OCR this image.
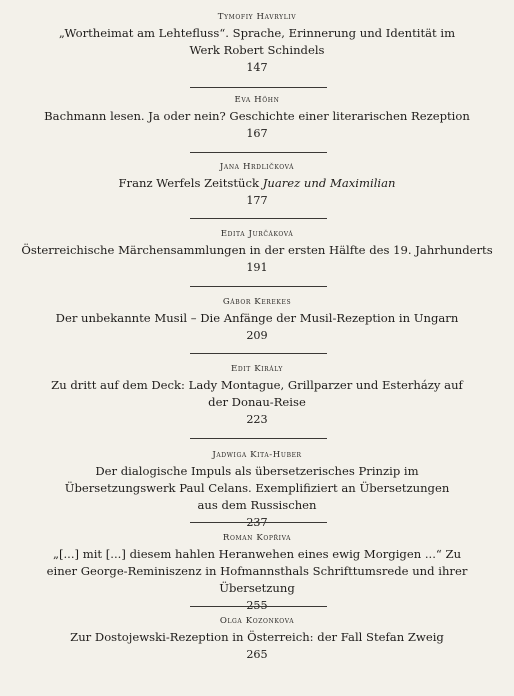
Tymofiy Havryliv
„Wortheimat am Lehtefluss“. Sprache, Erinnerung und Identität im Werk Robert Schindels
147
Eva Höhn
Bachmann lesen. Ja oder nein? Geschichte einer literarischen Rezeption
167
Jana Hrdličková
Franz Werfels Zeitstück Juarez und Maximilian
177
Edita Jurčáková
Österreichische Märchensammlungen in der ersten Hälfte des 19. Jahrhunderts
191
Gábor Kerekes
Der unbekannte Musil – Die Anfänge der Musil-Rezeption in Ungarn
209
Edit Király
Zu dritt auf dem Deck: Lady Montague, Grillparzer und Esterházy auf der Donau-Reise
223
Jadwiga Kita-Huber
Der dialogische Impuls als übersetzerisches Prinzip im Übersetzungswerk Paul Celans. Exemplifiziert an Übersetzungen aus dem Russischen
237
Roman Kopřiva
„[...] mit [...] diesem hahlen Heranwehen eines ewig Morgigen ...“ Zu einer George-Reminiszenz in Hofmannsthals Schrifttumsrede und ihrer Übersetzung
255
Olga Kozonkova
Zur Dostojewski-Rezeption in Österreich: der Fall Stefan Zweig
265
